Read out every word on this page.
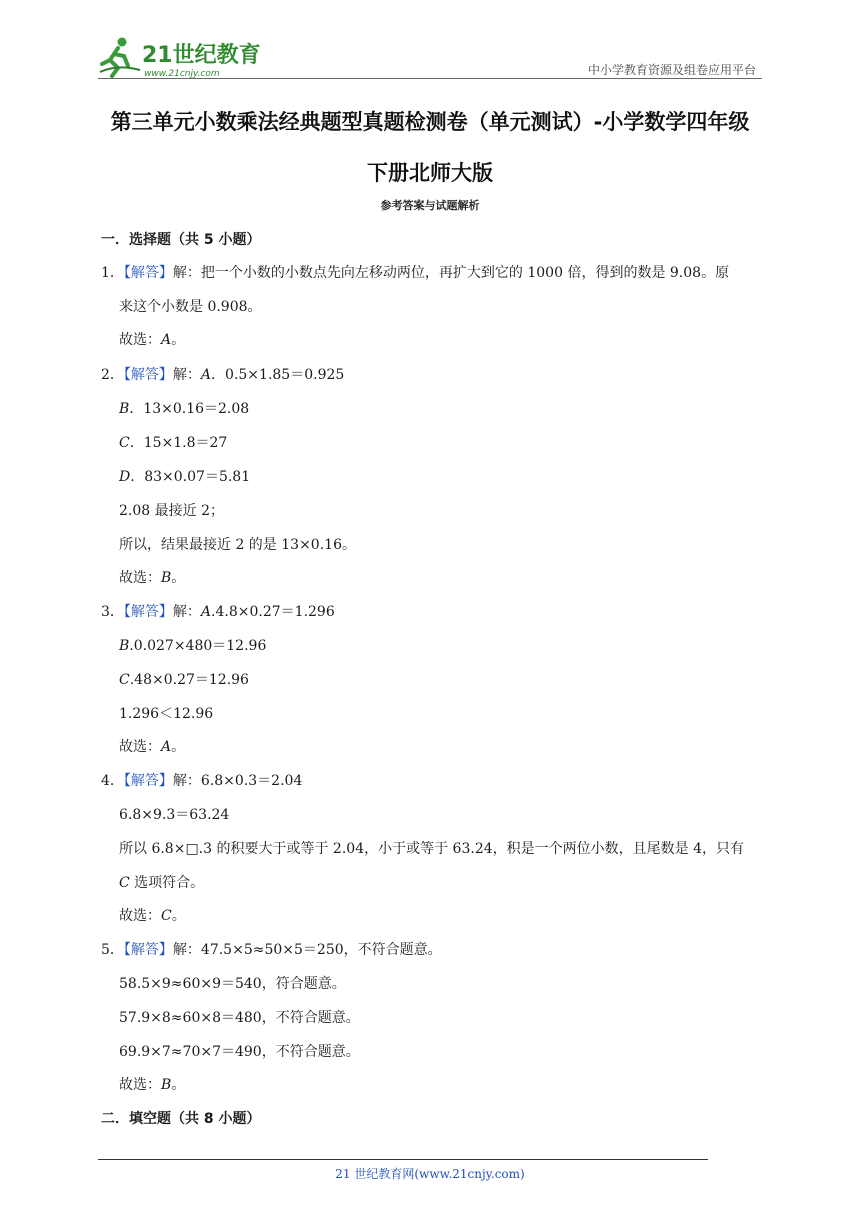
21世纪教育
www.21cnjy.com	中小学教育资源及组卷应用平台
第三单元小数乘法经典题型真题检测卷（单元测试）-小学数学四年级
下册北师大版
参考答案与试题解析
一．选择题（共 5 小题）
1．【解答】解：把一个小数的小数点先向左移动两位，再扩大到它的 1000 倍，得到的数是 9.08。原
来这个小数是 0.908。
故选：A。
2．【解答】解：A．0.5×1.85＝0.925
B．13×0.16＝2.08
C．15×1.8＝27
D．83×0.07＝5.81
2.08 最接近 2；
所以，结果最接近 2 的是 13×0.16。
故选：B。
3．【解答】解：A.4.8×0.27＝1.296
B.0.027×480＝12.96
C.48×0.27＝12.96
1.296＜12.96
故选：A。
4．【解答】解：6.8×0.3＝2.04
6.8×9.3＝63.24
所以 6.8×□.3 的积要大于或等于 2.04，小于或等于 63.24，积是一个两位小数，且尾数是 4，只有
C 选项符合。
故选：C。
5．【解答】解：47.5×5≈50×5＝250，不符合题意。
58.5×9≈60×9＝540，符合题意。
57.9×8≈60×8＝480，不符合题意。
69.9×7≈70×7＝490，不符合题意。
故选：B。
二．填空题（共 8 小题）
21 世纪教育网(www.21cnjy.com)
